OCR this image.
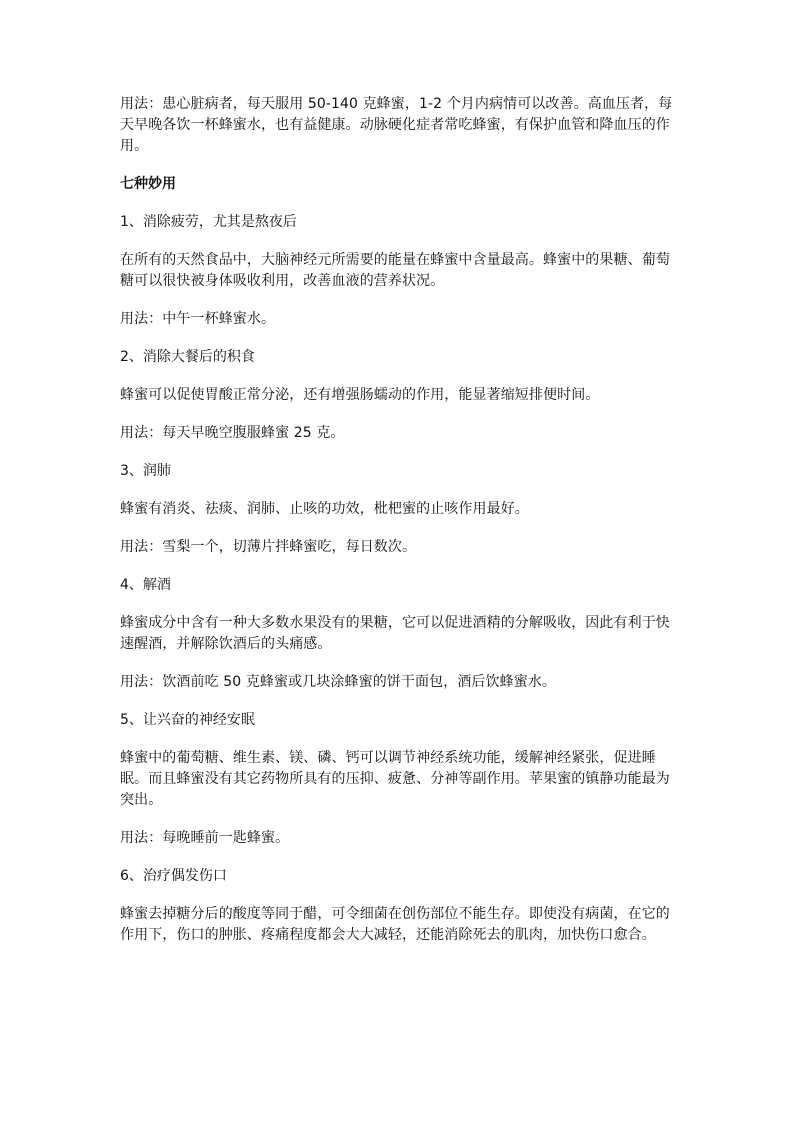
用法：患心脏病者，每天服用 50-140 克蜂蜜，1-2 个月内病情可以改善。高血压者，每天早晚各饮一杯蜂蜜水，也有益健康。动脉硬化症者常吃蜂蜜，有保护血管和降血压的作用。

七种妙用

1、消除疲劳，尤其是熬夜后

在所有的天然食品中，大脑神经元所需要的能量在蜂蜜中含量最高。蜂蜜中的果糖、葡萄糖可以很快被身体吸收利用，改善血液的营养状况。

用法：中午一杯蜂蜜水。

2、消除大餐后的积食

蜂蜜可以促使胃酸正常分泌，还有增强肠蠕动的作用，能显著缩短排便时间。

用法：每天早晚空腹服蜂蜜 25 克。

3、润肺

蜂蜜有消炎、祛痰、润肺、止咳的功效，枇杷蜜的止咳作用最好。

用法：雪梨一个，切薄片拌蜂蜜吃，每日数次。

4、解酒

蜂蜜成分中含有一种大多数水果没有的果糖，它可以促进酒精的分解吸收，因此有利于快速醒酒，并解除饮酒后的头痛感。

用法：饮酒前吃 50 克蜂蜜或几块涂蜂蜜的饼干面包，酒后饮蜂蜜水。

5、让兴奋的神经安眠

蜂蜜中的葡萄糖、维生素、镁、磷、钙可以调节神经系统功能，缓解神经紧张，促进睡眠。而且蜂蜜没有其它药物所具有的压抑、疲惫、分神等副作用。苹果蜜的镇静功能最为突出。

用法：每晚睡前一匙蜂蜜。

6、治疗偶发伤口

蜂蜜去掉糖分后的酸度等同于醋，可令细菌在创伤部位不能生存。即使没有病菌，在它的作用下，伤口的肿胀、疼痛程度都会大大减轻，还能消除死去的肌肉，加快伤口愈合。
